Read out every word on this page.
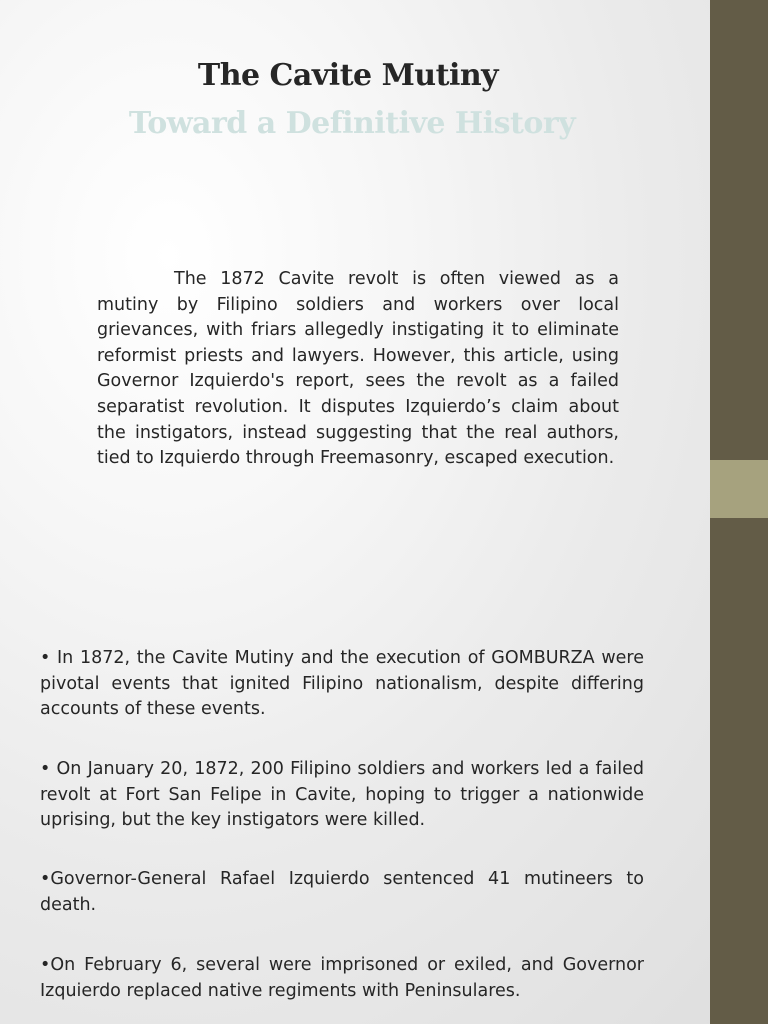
The Cavite Mutiny
Toward a Definitive History

The 1872 Cavite revolt is often viewed as a mutiny by Filipino soldiers and workers over local grievances, with friars allegedly instigating it to eliminate reformist priests and lawyers. However, this article, using Governor Izquierdo's report, sees the revolt as a failed separatist revolution. It disputes Izquierdo’s claim about the instigators, instead suggesting that the real authors, tied to Izquierdo through Freemasonry, escaped execution.

• In 1872, the Cavite Mutiny and the execution of GOMBURZA were pivotal events that ignited Filipino nationalism, despite differing accounts of these events.

• On January 20, 1872, 200 Filipino soldiers and workers led a failed revolt at Fort San Felipe in Cavite, hoping to trigger a nationwide uprising, but the key instigators were killed.

•Governor-General Rafael Izquierdo sentenced 41 mutineers to death.

•On February 6, several were imprisoned or exiled, and Governor Izquierdo replaced native regiments with Peninsulares.
